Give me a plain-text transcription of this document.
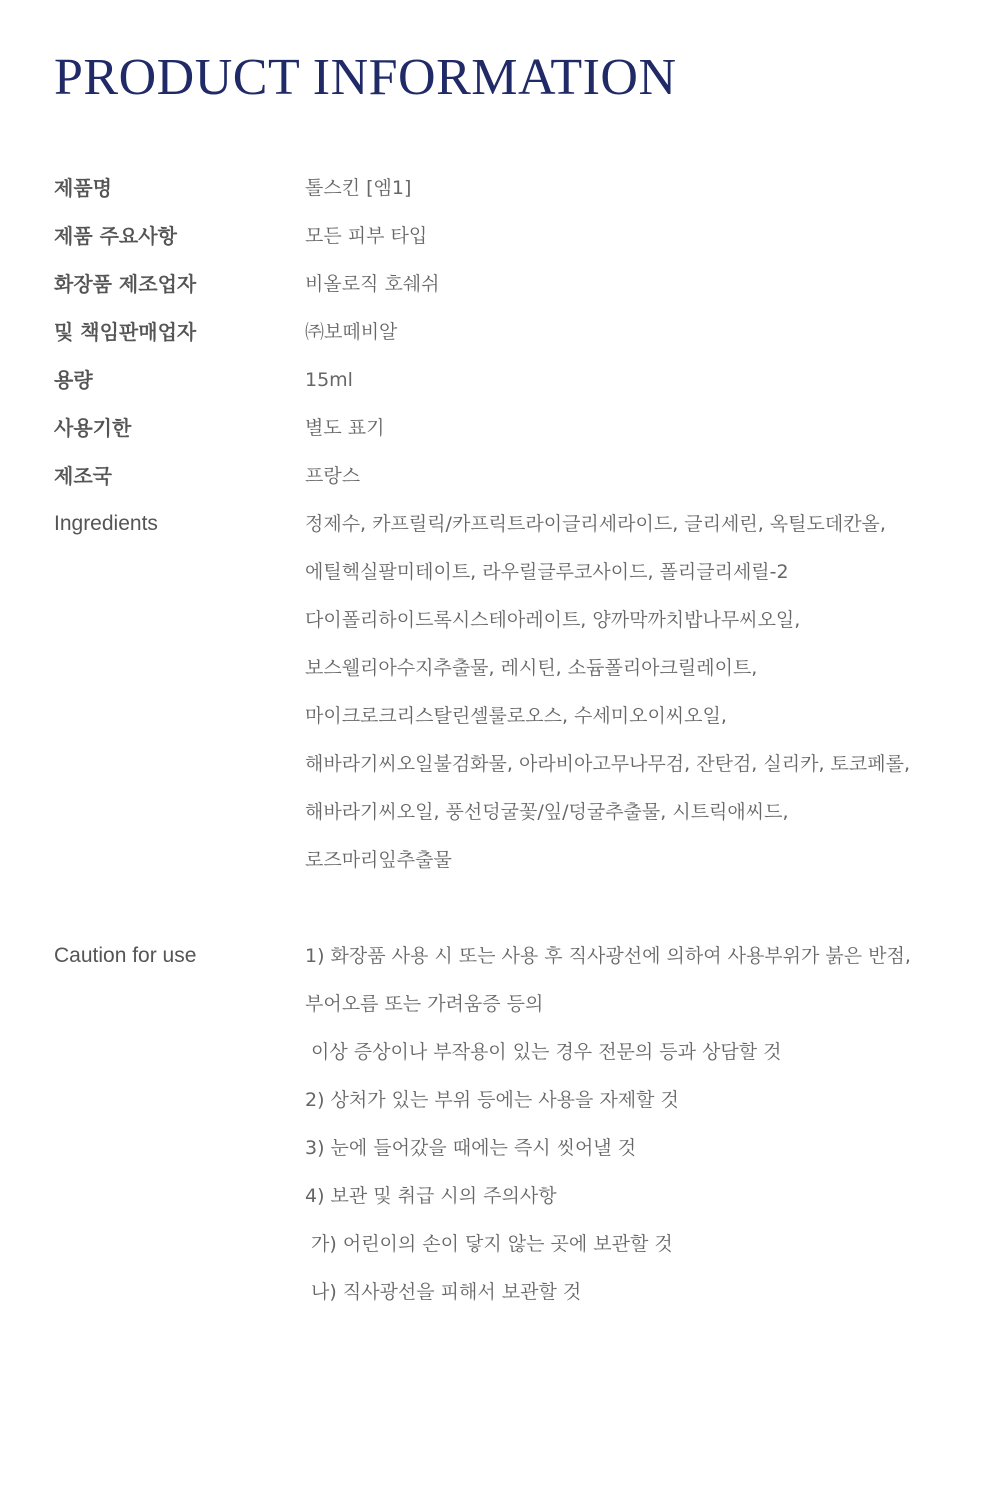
PRODUCT INFORMATION
제품명	톨스킨 [엠1]
제품 주요사항	모든 피부 타입
화장품 제조업자	비올로직 호쉐쉬
및 책임판매업자	㈜보떼비알
용량	15ml
사용기한	별도 표기
제조국	프랑스
Ingredients	정제수, 카프릴릭/카프릭트라이글리세라이드, 글리세린, 옥틸도데칸올,
에틸헥실팔미테이트, 라우릴글루코사이드, 폴리글리세릴-2
다이폴리하이드록시스테아레이트, 양까막까치밥나무씨오일,
보스웰리아수지추출물, 레시틴, 소듐폴리아크릴레이트,
마이크로크리스탈린셀룰로오스, 수세미오이씨오일,
해바라기씨오일불검화물, 아라비아고무나무검, 잔탄검, 실리카, 토코페롤,
해바라기씨오일, 풍선덩굴꽃/잎/덩굴추출물, 시트릭애씨드,
로즈마리잎추출물
Caution for use	1) 화장품 사용 시 또는 사용 후 직사광선에 의하여 사용부위가 붉은 반점,
부어오름 또는 가려움증 등의
이상 증상이나 부작용이 있는 경우 전문의 등과 상담할 것
2) 상처가 있는 부위 등에는 사용을 자제할 것
3) 눈에 들어갔을 때에는 즉시 씻어낼 것
4) 보관 및 취급 시의 주의사항
가) 어린이의 손이 닿지 않는 곳에 보관할 것
나) 직사광선을 피해서 보관할 것
